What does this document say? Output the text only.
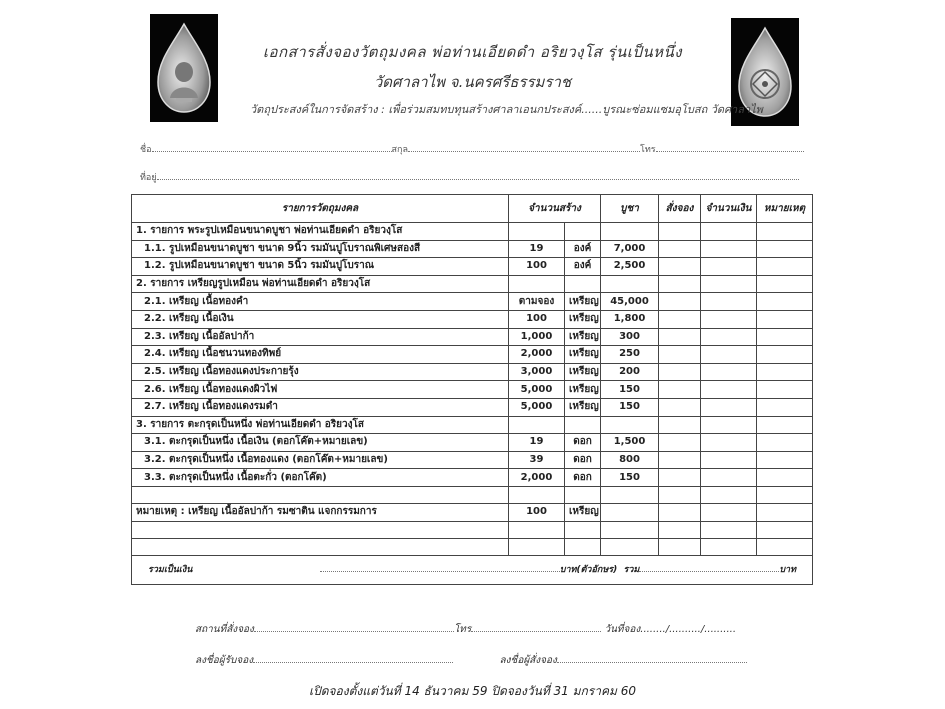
เอกสารสั่งจองวัตถุมงคล พ่อท่านเอียดดำ อริยวงฺโส รุ่นเป็นหนึ่ง
วัดศาลาไพ จ.นครศรีธรรมราช
วัตถุประสงค์ในการจัดสร้าง : เพื่อร่วมสมทบทุนสร้างศาลาเอนกประสงค์......บูรณะซ่อมแซมอุโบสถ วัดศาลาไพ
ชื่อ	สกุล	โทร
ที่อยู่
รายการวัตถุมงคล	จำนวนสร้าง		บูชา	สั่งจอง	จำนวนเงิน	หมายเหตุ
1. รายการ พระรูปเหมือนขนาดบูชา พ่อท่านเอียดดำ อริยวงฺโส						
1.1. รูปเหมือนขนาดบูชา ขนาด 9นิ้ว รมมันปูโบราณพิเศษสองสี	19	องค์	7,000			
1.2. รูปเหมือนขนาดบูชา ขนาด 5นิ้ว รมมันปูโบราณ	100	องค์	2,500			
2. รายการ เหรียญรูปเหมือน พ่อท่านเอียดดำ อริยวงฺโส						
2.1. เหรียญ เนื้อทองคำ	ตามจอง	เหรียญ	45,000			
2.2. เหรียญ เนื้อเงิน	100	เหรียญ	1,800			
2.3. เหรียญ เนื้ออัลปาก้า	1,000	เหรียญ	300			
2.4. เหรียญ เนื้อชนวนทองทิพย์	2,000	เหรียญ	250			
2.5. เหรียญ เนื้อทองแดงประกายรุ้ง	3,000	เหรียญ	200			
2.6. เหรียญ เนื้อทองแดงผิวไฟ	5,000	เหรียญ	150			
2.7. เหรียญ เนื้อทองแดงรมดำ	5,000	เหรียญ	150			
3. รายการ ตะกรุดเป็นหนึ่ง พ่อท่านเอียดดำ อริยวงฺโส						
3.1. ตะกรุดเป็นหนึ่ง เนื้อเงิน (ตอกโค๊ต+หมายเลข)	19	ดอก	1,500			
3.2. ตะกรุดเป็นหนึ่ง เนื้อทองแดง (ตอกโค๊ต+หมายเลข)	39	ดอก	800			
3.3. ตะกรุดเป็นหนึ่ง เนื้อตะกั่ว (ตอกโค๊ต)	2,000	ดอก	150			

หมายเหตุ : เหรียญ เนื้ออัลปาก้า รมซาติน แจกกรรมการ	100	เหรียญ				

รวมเป็นเงิน บาท(ตัวอักษร) รวม บาท						
สถานที่สั่งจอง	โทร	วันที่จอง......../........../..........
ลงชื่อผู้รับจอง	ลงชื่อผู้สั่งจอง
เปิดจองตั้งแต่วันที่ 14 ธันวาคม 59 ปิดจองวันที่ 31 มกราคม 60
